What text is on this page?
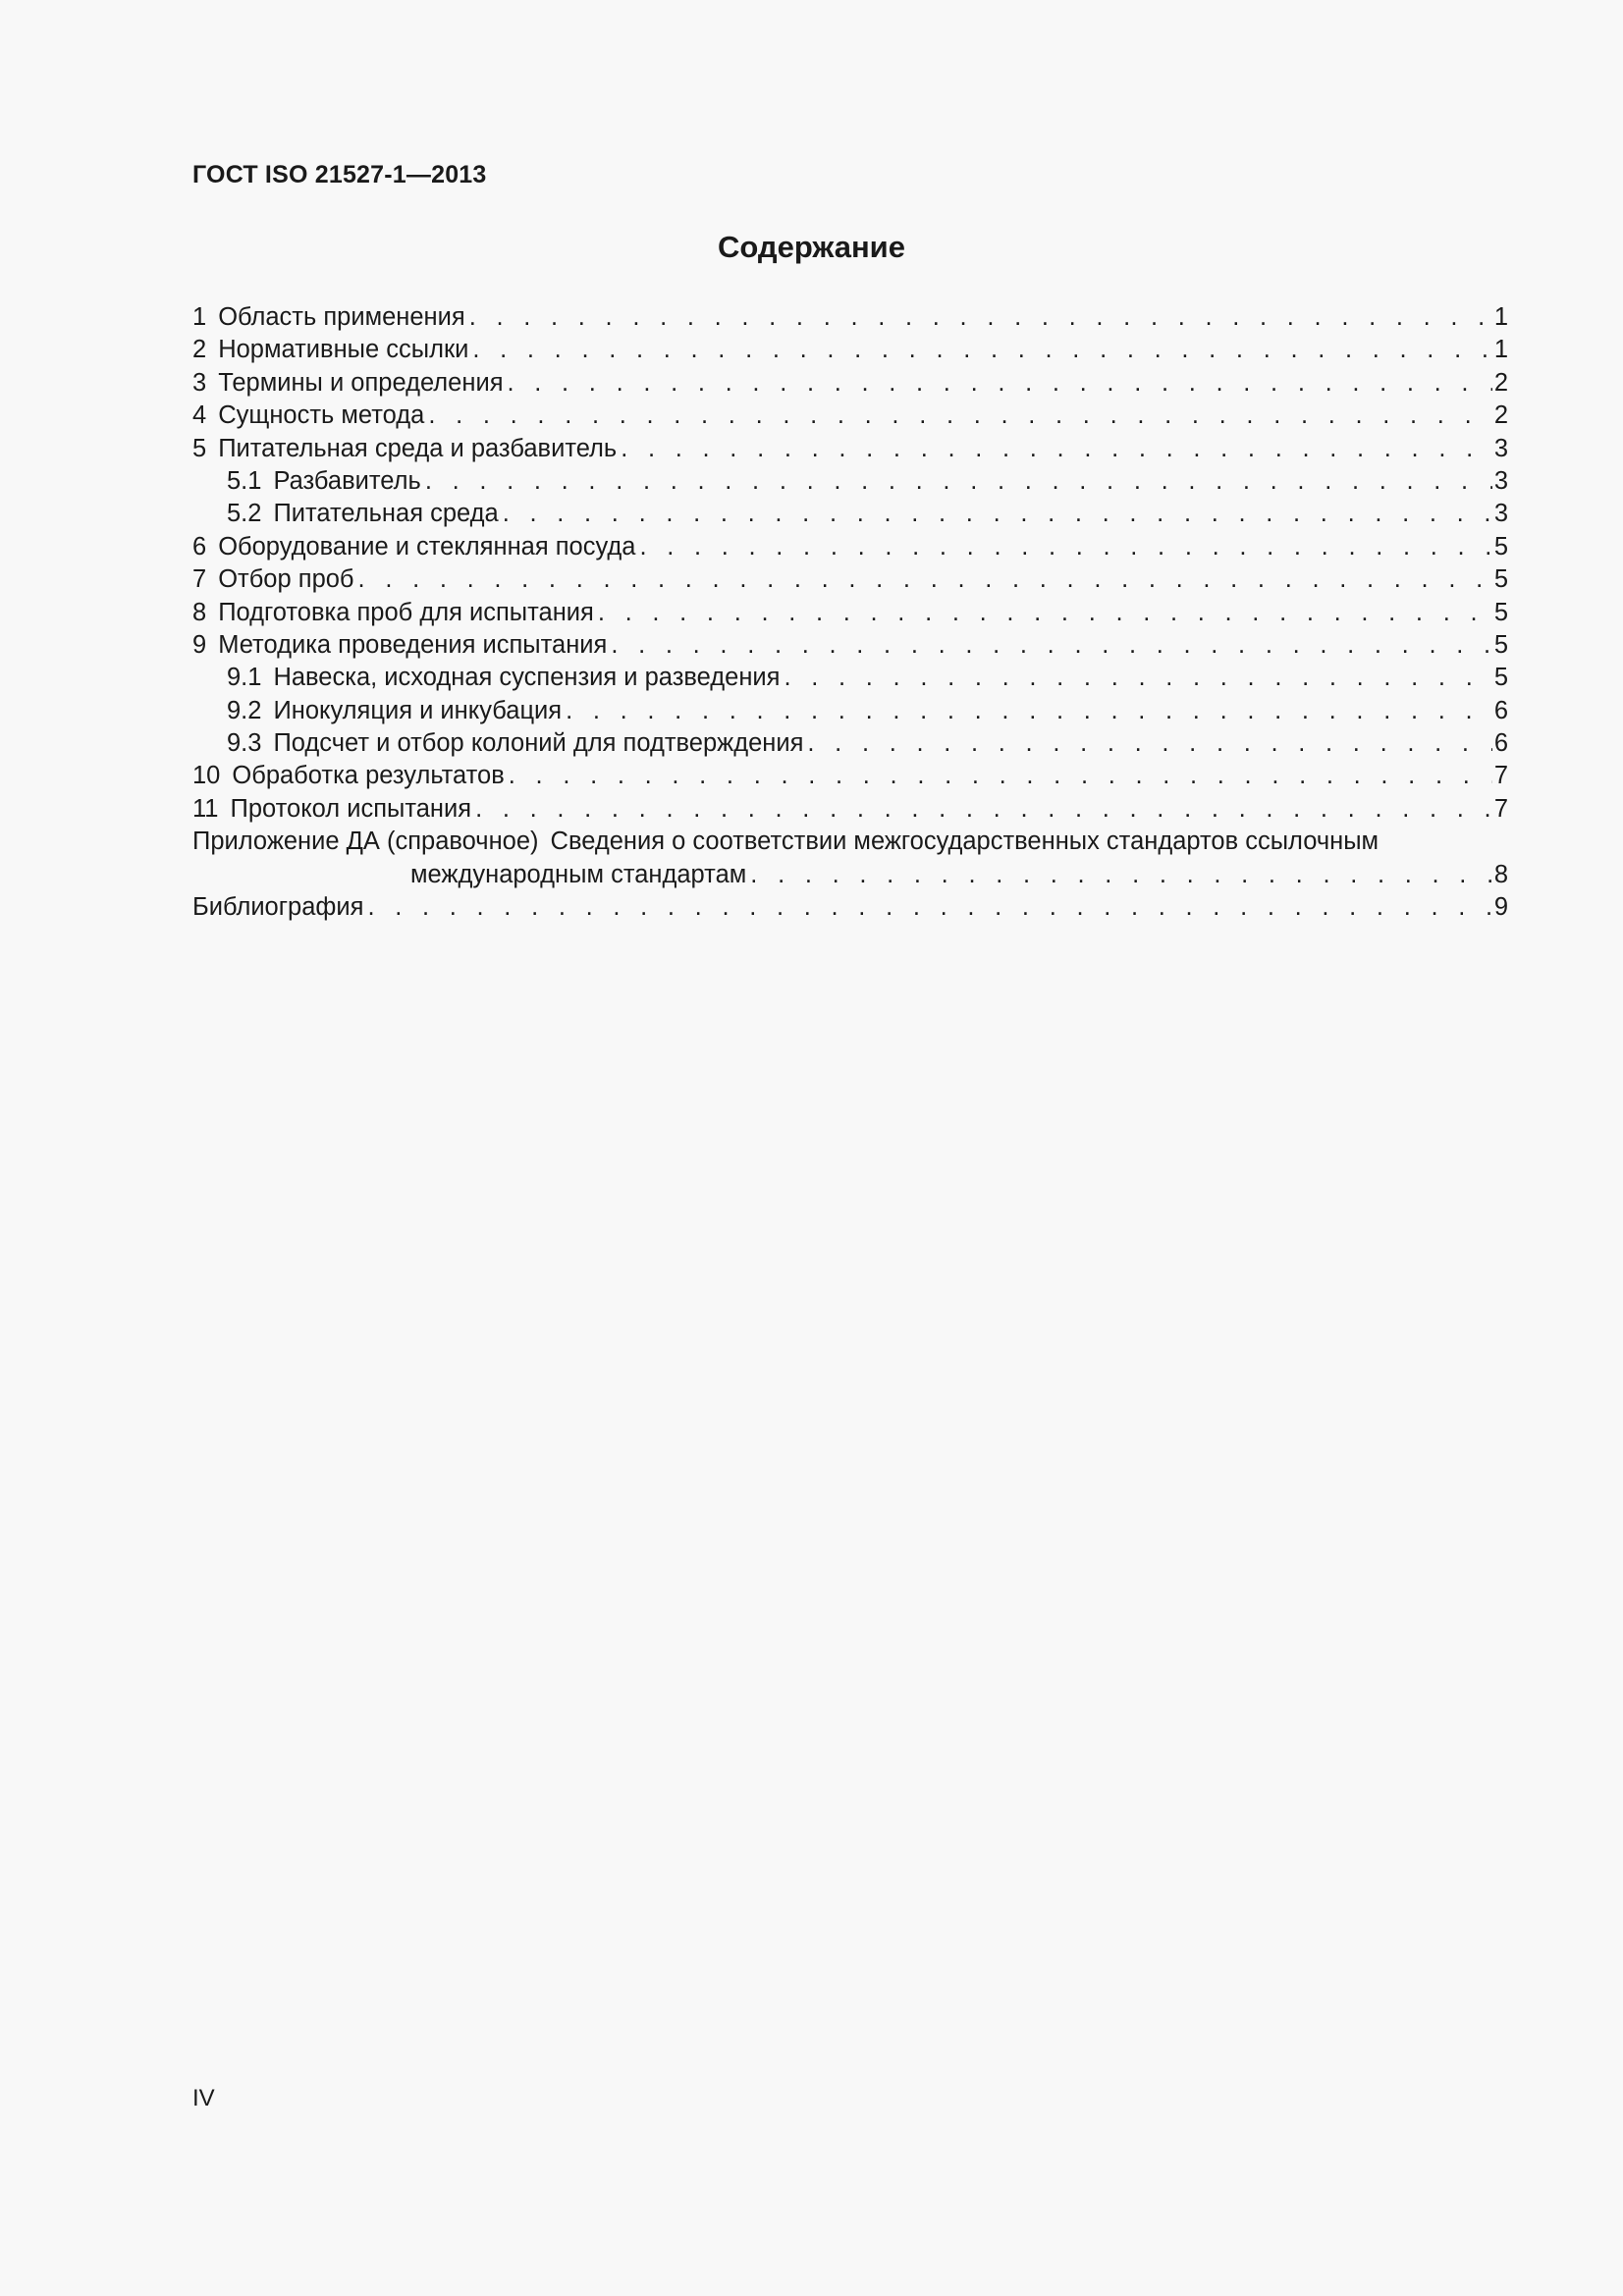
ГОСТ ISO 21527-1—2013
Содержание
1 Область применения . . .	1
2 Нормативные ссылки . . .	1
3 Термины и определения . . .	2
4 Сущность метода . . .	2
5 Питательная среда и разбавитель . . .	3
5.1 Разбавитель . . .	3
5.2 Питательная среда . . .	3
6 Оборудование и стеклянная посуда . . .	5
7 Отбор проб . . .	5
8 Подготовка проб для испытания . . .	5
9 Методика проведения испытания . . .	5
9.1 Навеска, исходная суспензия и разведения . . .	5
9.2 Инокуляция и инкубация . . .	6
9.3 Подсчет и отбор колоний для подтверждения . . .	6
10 Обработка результатов . . .	7
11 Протокол испытания . . .	7
Приложение ДА (справочное) Сведения о соответствии межгосударственных стандартов ссылочным
международным стандартам . . .	8
Библиография . . .	9
IV
